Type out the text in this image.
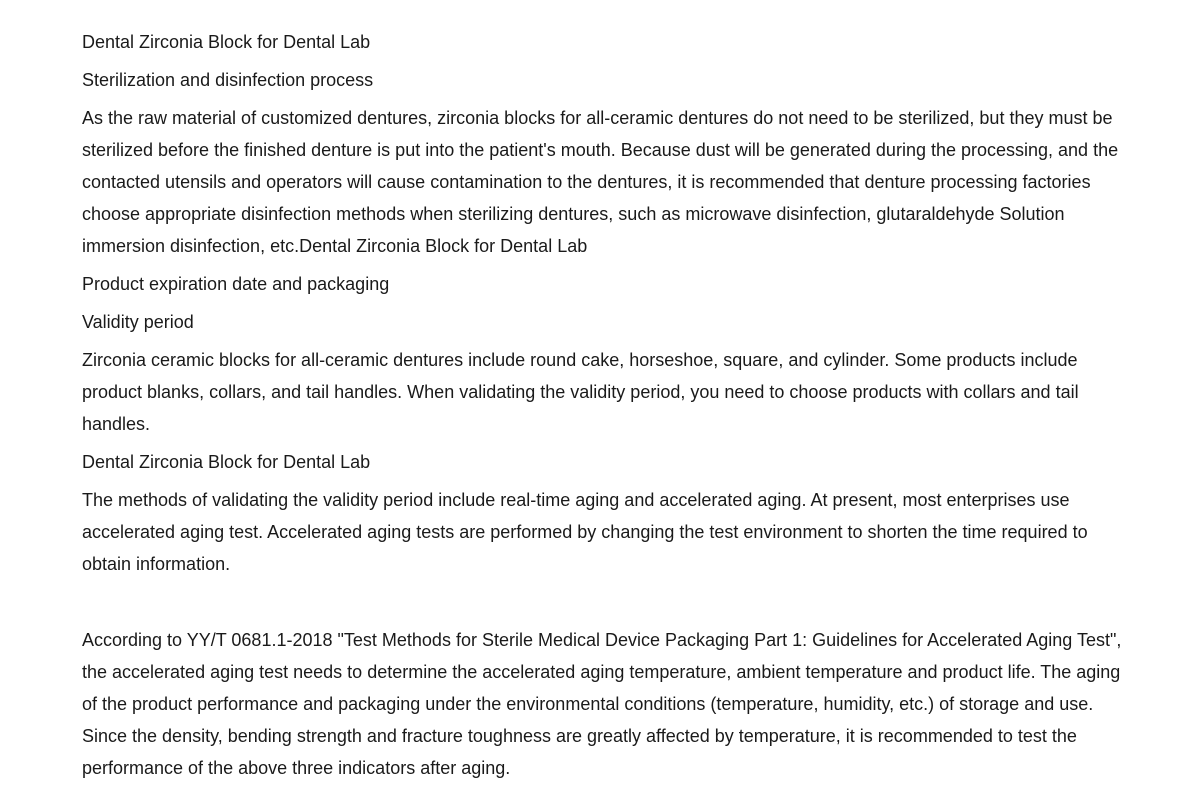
Dental Zirconia Block for Dental Lab

Sterilization and disinfection process

As the raw material of customized dentures, zirconia blocks for all-ceramic dentures do not need to be sterilized, but they must be sterilized before the finished denture is put into the patient's mouth. Because dust will be generated during the processing, and the contacted utensils and operators will cause contamination to the dentures, it is recommended that denture processing factories choose appropriate disinfection methods when sterilizing dentures, such as microwave disinfection, glutaraldehyde Solution immersion disinfection, etc.Dental Zirconia Block for Dental Lab

Product expiration date and packaging

Validity period

Zirconia ceramic blocks for all-ceramic dentures include round cake, horseshoe, square, and cylinder. Some products include product blanks, collars, and tail handles. When validating the validity period, you need to choose products with collars and tail handles.

Dental Zirconia Block for Dental Lab

The methods of validating the validity period include real-time aging and accelerated aging. At present, most enterprises use accelerated aging test. Accelerated aging tests are performed by changing the test environment to shorten the time required to obtain information.

According to YY/T 0681.1-2018 "Test Methods for Sterile Medical Device Packaging Part 1: Guidelines for Accelerated Aging Test", the accelerated aging test needs to determine the accelerated aging temperature, ambient temperature and product life. The aging of the product performance and packaging under the environmental conditions (temperature, humidity, etc.) of storage and use. Since the density, bending strength and fracture toughness are greatly affected by temperature, it is recommended to test the performance of the above three indicators after aging.
